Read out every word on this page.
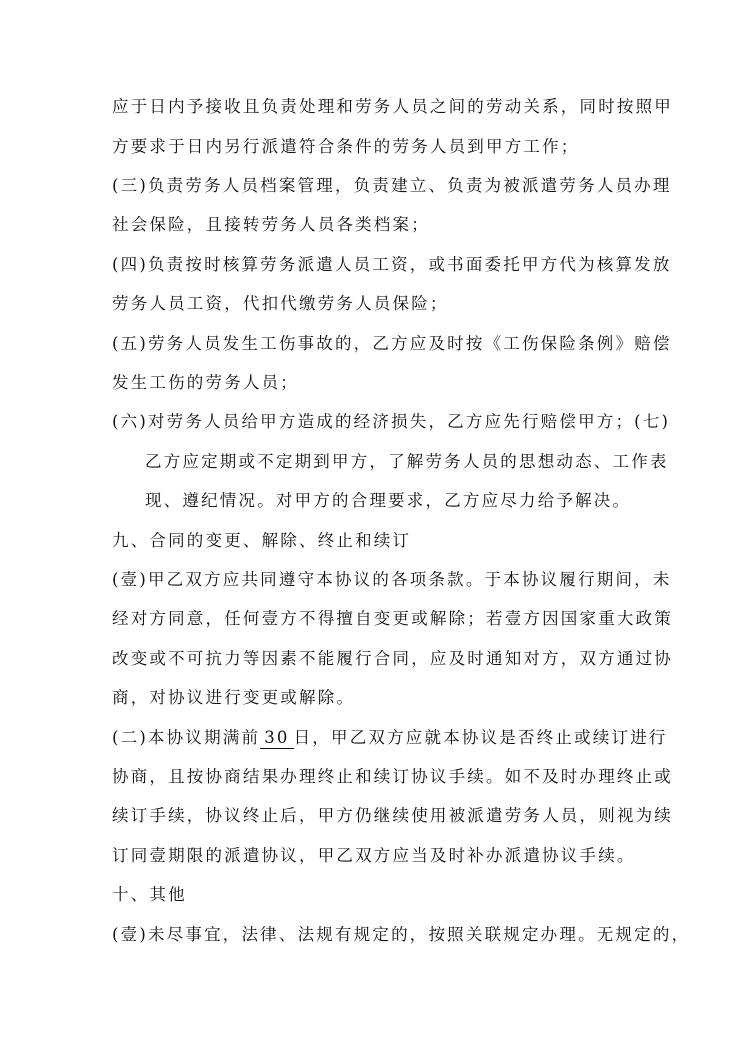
应于日内予接收且负责处理和劳务人员之间的劳动关系，同时按照甲
方要求于日内另行派遣符合条件的劳务人员到甲方工作；
(三)负责劳务人员档案管理，负责建立、负责为被派遣劳务人员办理
社会保险，且接转劳务人员各类档案；
(四)负责按时核算劳务派遣人员工资，或书面委托甲方代为核算发放
劳务人员工资，代扣代缴劳务人员保险；
(五)劳务人员发生工伤事故的，乙方应及时按《工伤保险条例》赔偿
发生工伤的劳务人员；
(六)对劳务人员给甲方造成的经济损失，乙方应先行赔偿甲方；(七)
乙方应定期或不定期到甲方，了解劳务人员的思想动态、工作表
现、遵纪情况。对甲方的合理要求，乙方应尽力给予解决。
九、合同的变更、解除、终止和续订
(壹)甲乙双方应共同遵守本协议的各项条款。于本协议履行期间，未
经对方同意，任何壹方不得擅自变更或解除；若壹方因国家重大政策
改变或不可抗力等因素不能履行合同，应及时通知对方，双方通过协
商，对协议进行变更或解除。
(二)本协议期满前 30 日，甲乙双方应就本协议是否终止或续订进行
协商，且按协商结果办理终止和续订协议手续。如不及时办理终止或
续订手续，协议终止后，甲方仍继续使用被派遣劳务人员，则视为续
订同壹期限的派遣协议，甲乙双方应当及时补办派遣协议手续。
十、其他
(壹)未尽事宜，法律、法规有规定的，按照关联规定办理。无规定的，
